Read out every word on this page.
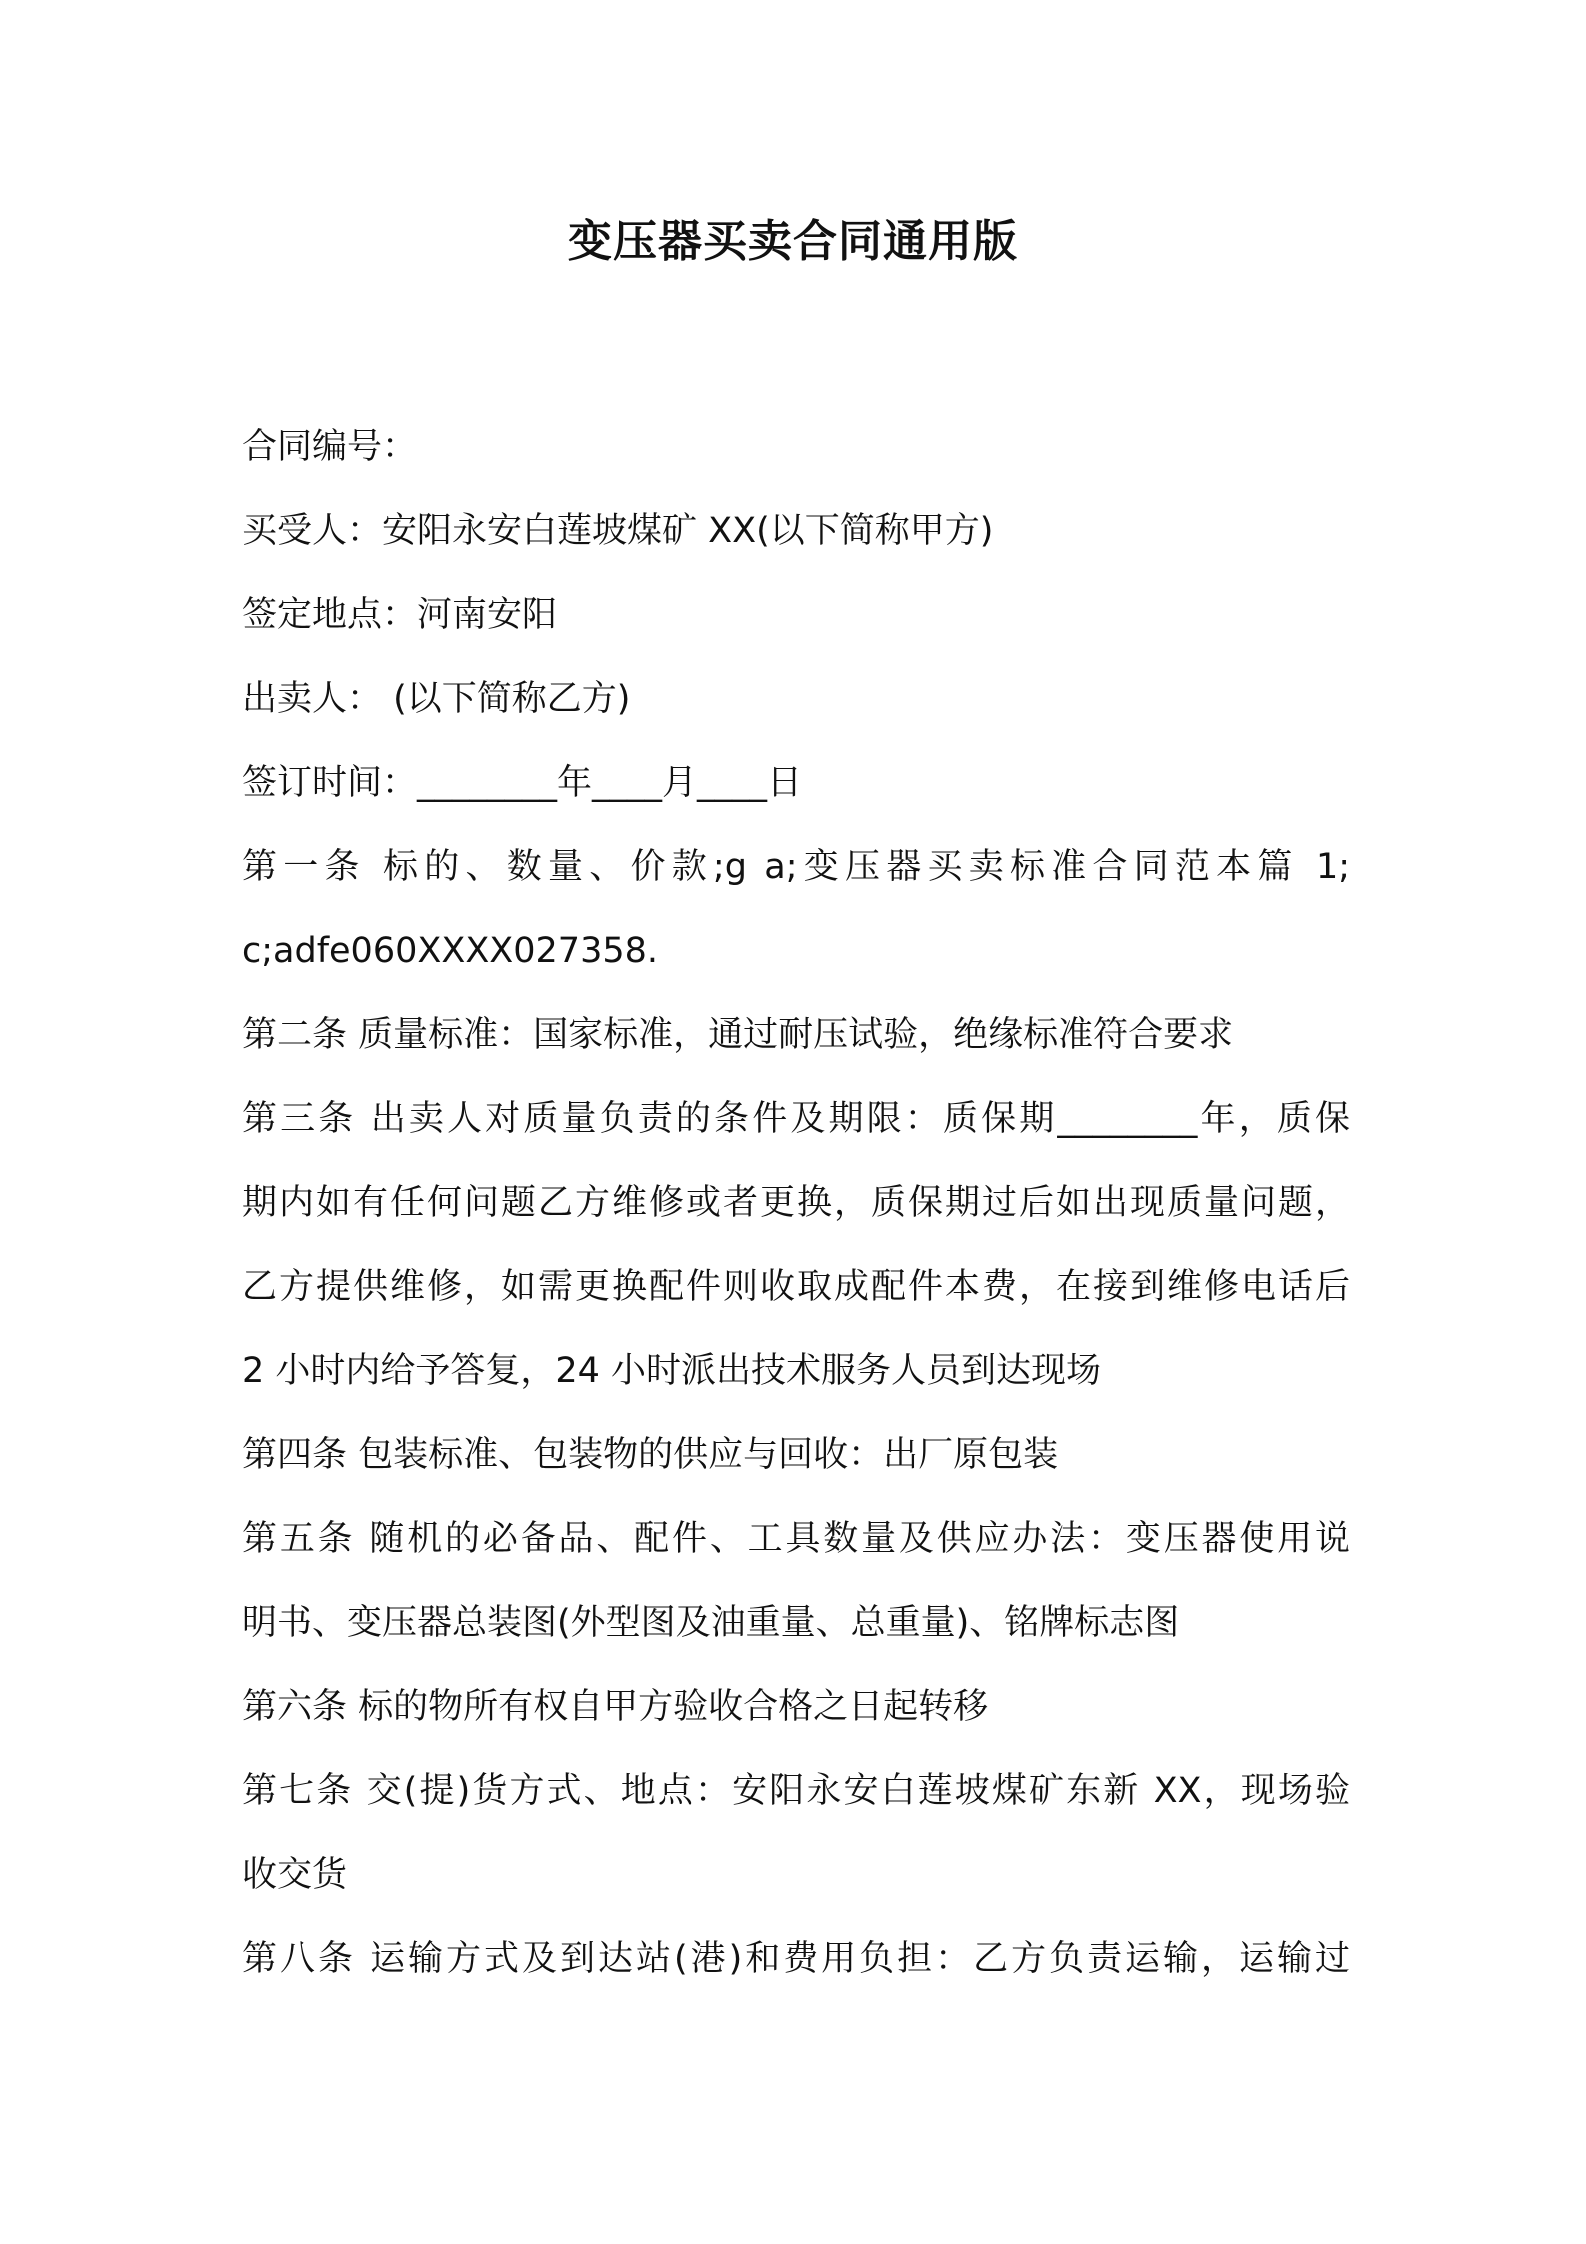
变压器买卖合同通用版
合同编号：
买受人：安阳永安白莲坡煤矿 XX(以下简称甲方)
签定地点：河南安阳
出卖人： (以下简称乙方)
签订时间：________年____月____日
第一条 标的、数量、价款;g a;变压器买卖标准合同范本篇 1;
c;adfe060XXXX027358.
第二条 质量标准：国家标准，通过耐压试验，绝缘标准符合要求
第三条 出卖人对质量负责的条件及期限：质保期________年，质保
期内如有任何问题乙方维修或者更换，质保期过后如出现质量问题，
乙方提供维修，如需更换配件则收取成配件本费，在接到维修电话后
2 小时内给予答复，24 小时派出技术服务人员到达现场
第四条 包装标准、包装物的供应与回收：出厂原包装
第五条 随机的必备品、配件、工具数量及供应办法：变压器使用说
明书、变压器总装图(外型图及油重量、总重量)、铭牌标志图
第六条 标的物所有权自甲方验收合格之日起转移
第七条 交(提)货方式、地点：安阳永安白莲坡煤矿东新 XX，现场验
收交货
第八条 运输方式及到达站(港)和费用负担：乙方负责运输，运输过
